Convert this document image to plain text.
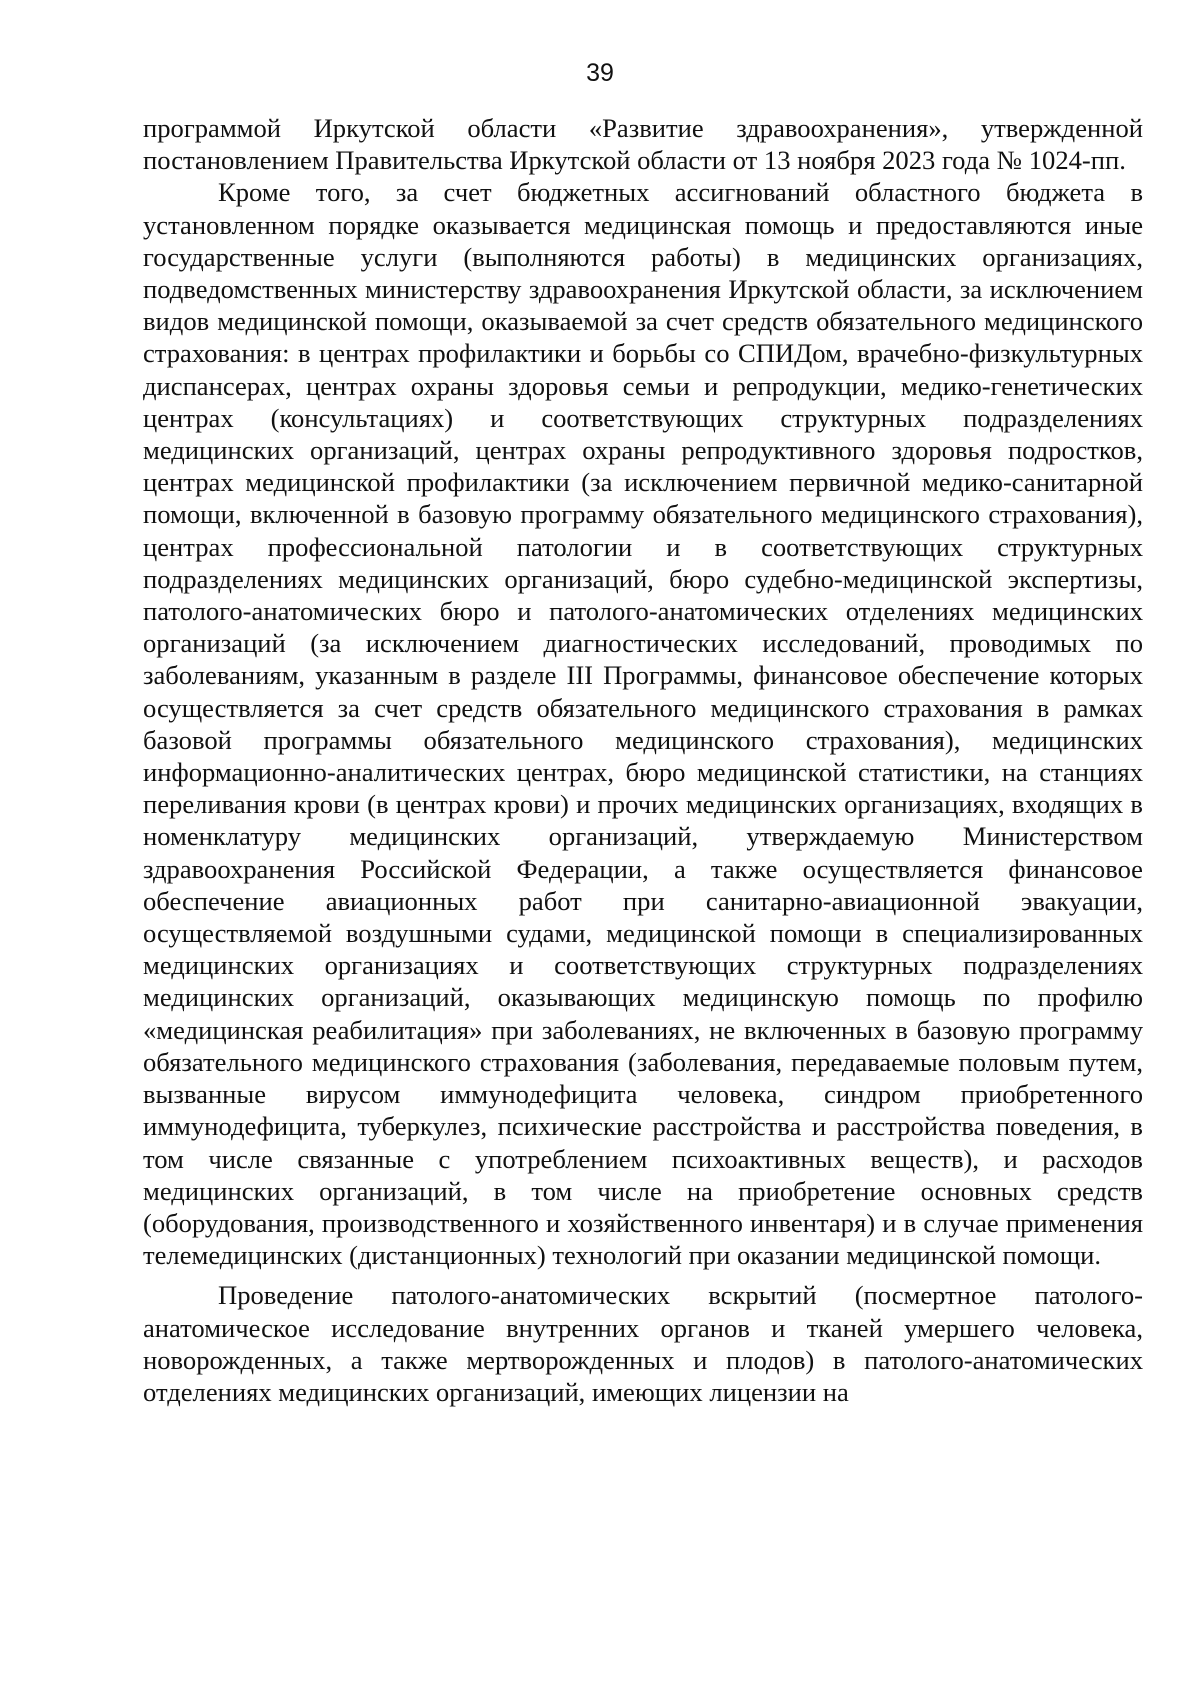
39

программой Иркутской области «Развитие здравоохранения», утвержденной постановлением Правительства Иркутской области от 13 ноября 2023 года № 1024-пп.

Кроме того, за счет бюджетных ассигнований областного бюджета в установленном порядке оказывается медицинская помощь и предоставляются иные государственные услуги (выполняются работы) в медицинских организациях, подведомственных министерству здравоохранения Иркутской области, за исключением видов медицинской помощи, оказываемой за счет средств обязательного медицинского страхования: в центрах профилактики и борьбы со СПИДом, врачебно-физкультурных диспансерах, центрах охраны здоровья семьи и репродукции, медико-генетических центрах (консультациях) и соответствующих структурных подразделениях медицинских организаций, центрах охраны репродуктивного здоровья подростков, центрах медицинской профилактики (за исключением первичной медико-санитарной помощи, включенной в базовую программу обязательного медицинского страхования), центрах профессиональной патологии и в соответствующих структурных подразделениях медицинских организаций, бюро судебно-медицинской экспертизы, патолого-анатомических бюро и патолого-анатомических отделениях медицинских организаций (за исключением диагностических исследований, проводимых по заболеваниям, указанным в разделе III Программы, финансовое обеспечение которых осуществляется за счет средств обязательного медицинского страхования в рамках базовой программы обязательного медицинского страхования), медицинских информационно-аналитических центрах, бюро медицинской статистики, на станциях переливания крови (в центрах крови) и прочих медицинских организациях, входящих в номенклатуру медицинских организаций, утверждаемую Министерством здравоохранения Российской Федерации, а также осуществляется финансовое обеспечение авиационных работ при санитарно-авиационной эвакуации, осуществляемой воздушными судами, медицинской помощи в специализированных медицинских организациях и соответствующих структурных подразделениях медицинских организаций, оказывающих медицинскую помощь по профилю «медицинская реабилитация» при заболеваниях, не включенных в базовую программу обязательного медицинского страхования (заболевания, передаваемые половым путем, вызванные вирусом иммунодефицита человека, синдром приобретенного иммунодефицита, туберкулез, психические расстройства и расстройства поведения, в том числе связанные с употреблением психоактивных веществ), и расходов медицинских организаций, в том числе на приобретение основных средств (оборудования, производственного и хозяйственного инвентаря) и в случае применения телемедицинских (дистанционных) технологий при оказании медицинской помощи.

Проведение патолого-анатомических вскрытий (посмертное патолого-анатомическое исследование внутренних органов и тканей умершего человека, новорожденных, а также мертворожденных и плодов) в патолого-анатомических отделениях медицинских организаций, имеющих лицензии на
